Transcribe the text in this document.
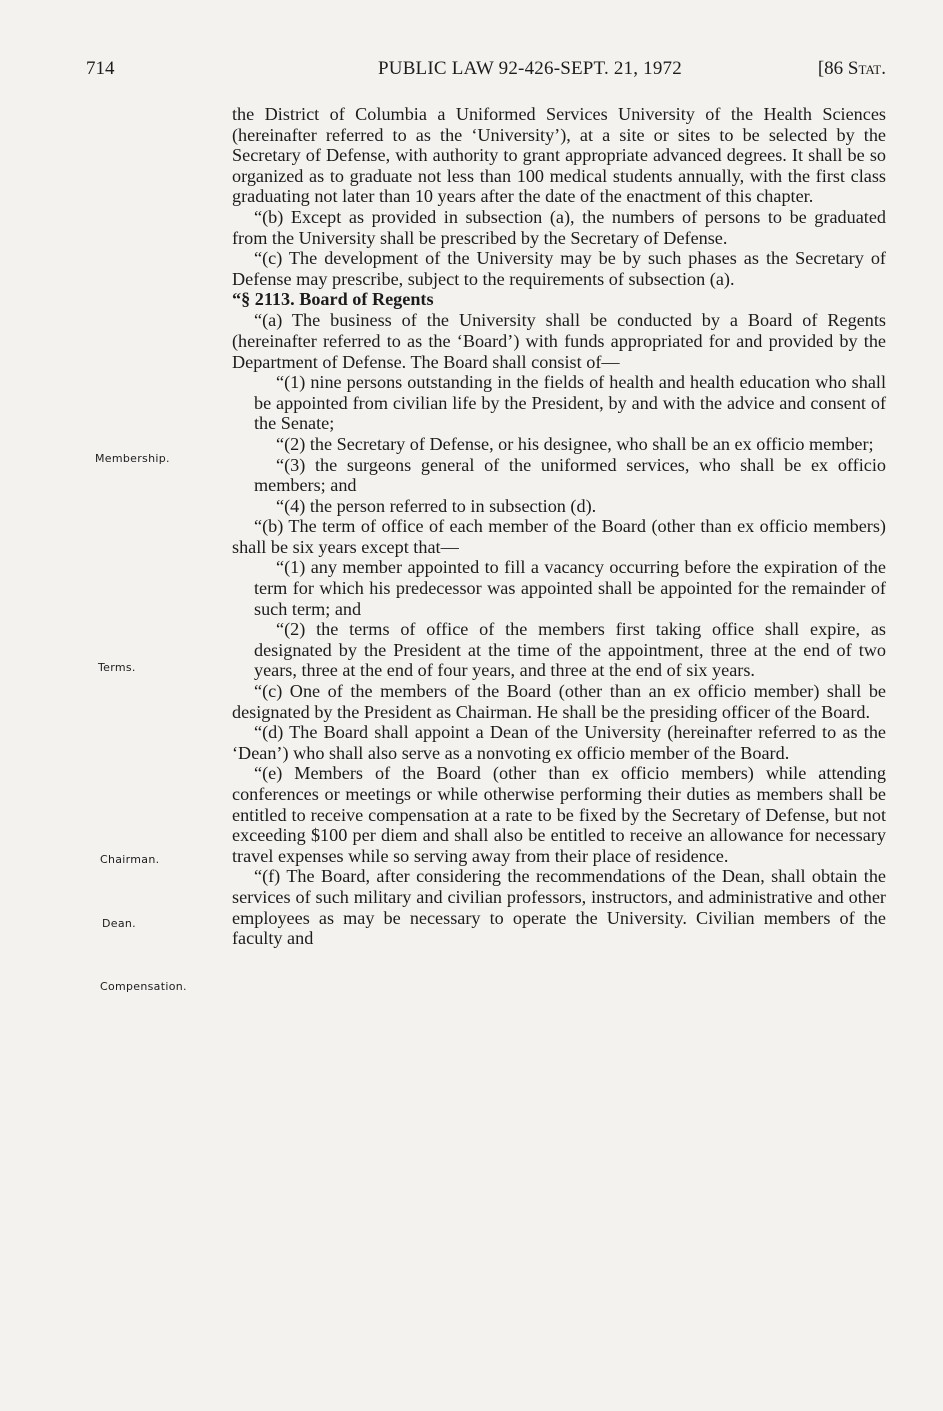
714	PUBLIC LAW 92-426-SEPT. 21, 1972	[86 Stat.
Membership.
Terms.
Chairman.
Dean.
Compensation.

the District of Columbia a Uniformed Services University of the Health Sciences (hereinafter referred to as the ‘University’), at a site or sites to be selected by the Secretary of Defense, with authority to grant appropriate advanced degrees. It shall be so organized as to graduate not less than 100 medical students annually, with the first class graduating not later than 10 years after the date of the enactment of this chapter.

“(b) Except as provided in subsection (a), the numbers of persons to be graduated from the University shall be prescribed by the Secretary of Defense.

“(c) The development of the University may be by such phases as the Secretary of Defense may prescribe, subject to the requirements of subsection (a).

“§ 2113. Board of Regents

“(a) The business of the University shall be conducted by a Board of Regents (hereinafter referred to as the ‘Board’) with funds appropriated for and provided by the Department of Defense. The Board shall consist of—

“(1) nine persons outstanding in the fields of health and health education who shall be appointed from civilian life by the President, by and with the advice and consent of the Senate;

“(2) the Secretary of Defense, or his designee, who shall be an ex officio member;

“(3) the surgeons general of the uniformed services, who shall be ex officio members; and

“(4) the person referred to in subsection (d).

“(b) The term of office of each member of the Board (other than ex officio members) shall be six years except that—

“(1) any member appointed to fill a vacancy occurring before the expiration of the term for which his predecessor was appointed shall be appointed for the remainder of such term; and

“(2) the terms of office of the members first taking office shall expire, as designated by the President at the time of the appointment, three at the end of two years, three at the end of four years, and three at the end of six years.

“(c) One of the members of the Board (other than an ex officio member) shall be designated by the President as Chairman. He shall be the presiding officer of the Board.

“(d) The Board shall appoint a Dean of the University (hereinafter referred to as the ‘Dean’) who shall also serve as a nonvoting ex officio member of the Board.

“(e) Members of the Board (other than ex officio members) while attending conferences or meetings or while otherwise performing their duties as members shall be entitled to receive compensation at a rate to be fixed by the Secretary of Defense, but not exceeding $100 per diem and shall also be entitled to receive an allowance for necessary travel expenses while so serving away from their place of residence.

“(f) The Board, after considering the recommendations of the Dean, shall obtain the services of such military and civilian professors, instructors, and administrative and other employees as may be necessary to operate the University. Civilian members of the faculty and
